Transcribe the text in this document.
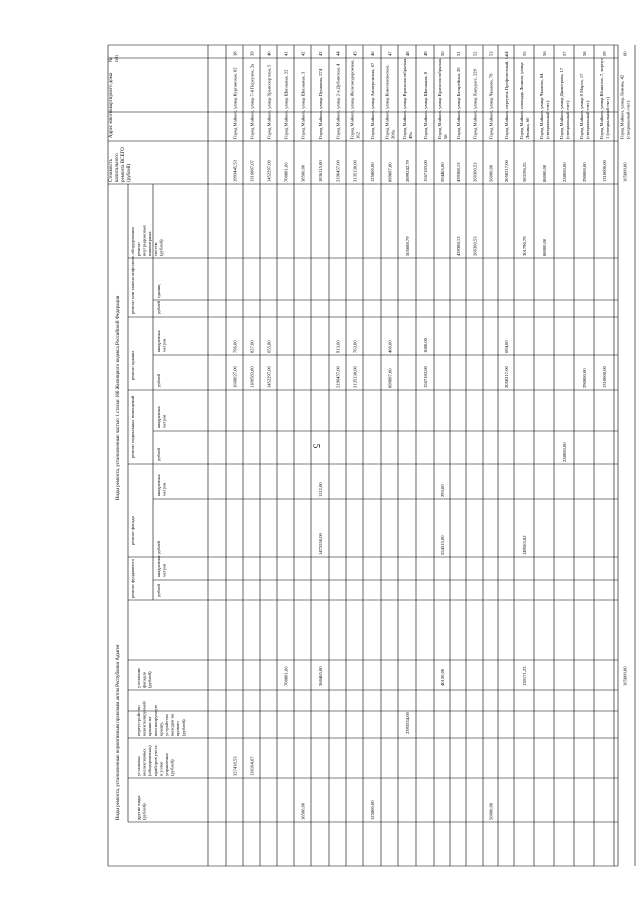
5
№ п/п
Адрес многоквартирного дома
Стоимость капитального ремонта ВСЕГО (рублей)
Виды ремонта, установленные частью 1 статьи 166 Жилищного кодекса Российской Федерации
Виды ремонта, установленные нормативным правовым актом Республики Адыгея
ремонт внутридомовых инженерных систем (рублей)
ремонт или замена лифтового оборудования
ремонт крыши
ремонт подвальных помещений
ремонт фасада
ремонт фундамента
единиц
рублей
квадратных метров
квадратных метров
квадратных метров
квадратных метров
рублей
рублей
рублей
рублей
утепление фасадов (рублей)
переустройство невентилируемой крыши на вентилируемую крышу, устройство выходов на кровлю (рублей)
установка коллективных (общедомовых) приборов учета и узлов управления (рублей)
другие виды (рублей)
38
Город Майкоп, улица Курганская, 82
1993445,53
796,00
1660027,00
327418,53
39
Город Майкоп, улица 7-й Переулок, 2а
1316887,07
827,00
1180583,00
136104,07
40
Город Майкоп, улица Транспортная, 5
1452297,00
655,80
1452297,00
41
Город Майкоп, улица Школьная, 22
700881,66
700881,66
42
Город Майкоп, улица Школьная, 3
18500,00
18500,00
43
Город Майкоп, улица Пушкина, 274
1836115,00
1112,00
1475550,00
360465,00
44
Город Майкоп, улица 2-я Дубинская, 4
2196457,00
913,60
2196457,00
45
Город Майкоп, улица Железнодорожная, 162
3135138,00
763,00
3135138,00
46
Город Майкоп, улица Апшеронская, 67
125800,00
125800,00
47
Город Майкоп, улица Комсомольская, 200а
899897,00
460,00
899897,00
48
Город Майкоп, улица Краснооктябрьская, 49а
2899242,79
505688,79
2393554,00
49
Город Майкоп, улица Школьная, 8
1567183,00
1080,00
1567183,00
50
Город Майкоп, улица Краснооктябрьская, 58
594465,00
293,00
554315,00
40150,00
51
Город Майкоп, улица Батарейная, 26
439388,13
439388,13
52
Город Майкоп, улица Хакурате, 229
260360,53
260360,53
53
Город Майкоп, улица Чкалова, 79
56000,00
56000,00
54
Город Майкоп, переулок Профсоюзный, 1а
2058217,00
694,00
2058217,00
55
Город Майкоп, площадь Ленина, улица Ленина, 60
583196,25
301790,79
149563,82
130171,23
56
Город Майкоп, улица Чкалова, 84 (специальный счет)
88000,00
88000,00
57
Город Майкоп, улица Димитрова, 17 (специальный счет)
238050,00
238050,00
58
Город Майкоп, улица 8 Марта, 17 (специальный счет)
290000,00
290000,00
59
Город Майкоп, улица Юннатов, 7, корпус 1 (специальный счет)
1310000,00
1310000,00
60
Город Майкоп, улица Ленина, 42 (специальный счет)
165000,00
165000,00
